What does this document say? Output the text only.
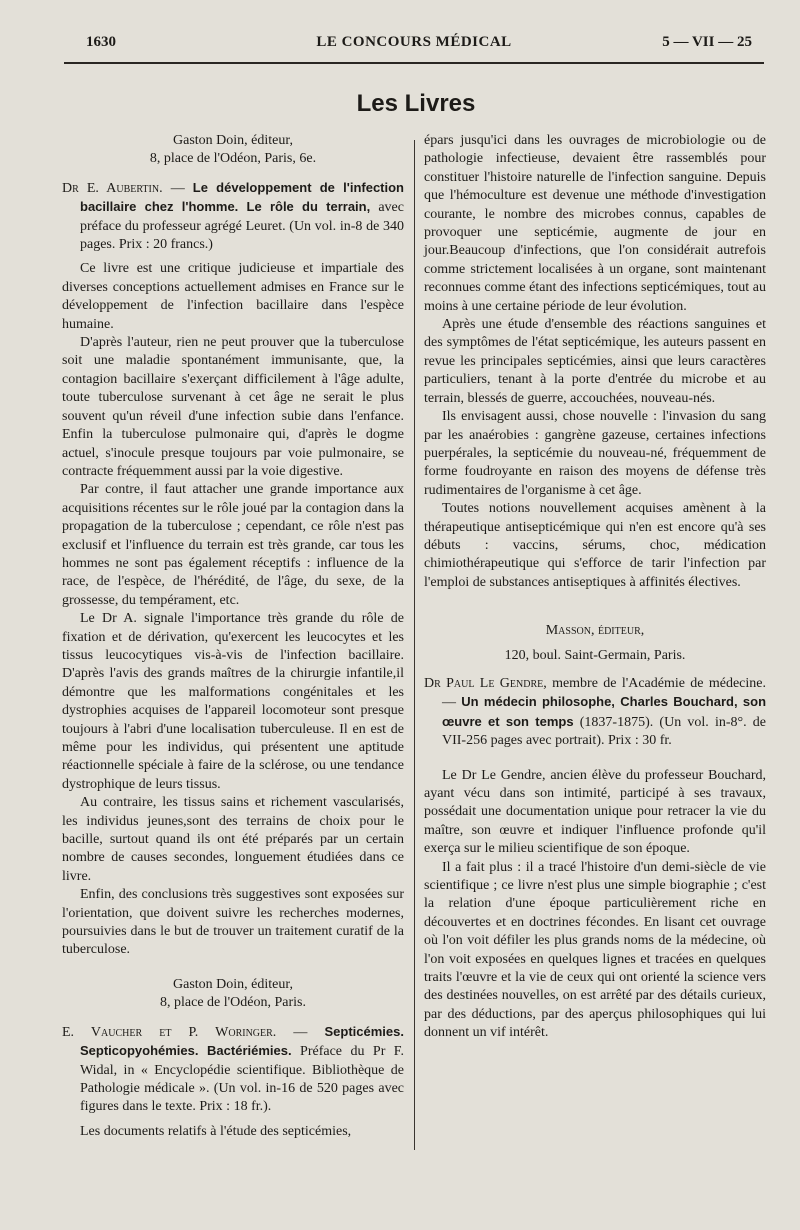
1630	LE CONCOURS MÉDICAL	5 — VII — 25
Les Livres

Gaston Doin, éditeur,

8, place de l'Odéon, Paris, 6e.

Dr E. Aubertin. — Le développement de l'infection bacillaire chez l'homme. Le rôle du terrain, avec préface du professeur agrégé Leuret. (Un vol. in-8 de 340 pages. Prix : 20 francs.)

Ce livre est une critique judicieuse et impartiale des diverses conceptions actuellement admises en France sur le développement de l'infection bacillaire dans l'espèce humaine.

D'après l'auteur, rien ne peut prouver que la tuberculose soit une maladie spontanément immunisante, que, la contagion bacillaire s'exerçant difficilement à l'âge adulte, toute tuberculose survenant à cet âge ne serait le plus souvent qu'un réveil d'une infection subie dans l'enfance. Enfin la tuberculose pulmonaire qui, d'après le dogme actuel, s'inocule presque toujours par voie pulmonaire, se contracte fréquemment aussi par la voie digestive.

Par contre, il faut attacher une grande importance aux acquisitions récentes sur le rôle joué par la contagion dans la propagation de la tuberculose ; cependant, ce rôle n'est pas exclusif et l'influence du terrain est très grande, car tous les hommes ne sont pas également réceptifs : influence de la race, de l'espèce, de l'hérédité, de l'âge, du sexe, de la grossesse, du tempérament, etc.

Le Dr A. signale l'importance très grande du rôle de fixation et de dérivation, qu'exercent les leucocytes et les tissus leucocytiques vis-à-vis de l'infection bacillaire. D'après l'avis des grands maîtres de la chirurgie infantile,il démontre que les malformations congénitales et les dystrophies acquises de l'appareil locomoteur sont presque toujours à l'abri d'une localisation tuberculeuse. Il en est de même pour les individus, qui présentent une aptitude réactionnelle spéciale à faire de la sclérose, ou une tendance dystrophique de leurs tissus.

Au contraire, les tissus sains et richement vascularisés, les individus jeunes,sont des terrains de choix pour le bacille, surtout quand ils ont été préparés par un certain nombre de causes secondes, longuement étudiées dans ce livre.

Enfin, des conclusions très suggestives sont exposées sur l'orientation, que doivent suivre les recherches modernes, poursuivies dans le but de trouver un traitement curatif de la tuberculose.

Gaston Doin, éditeur,

8, place de l'Odéon, Paris.

E. Vaucher et P. Woringer. — Septicémies. Septicopyohémies. Bactériémies. Préface du Pr F. Widal, in « Encyclopédie scientifique. Bibliothèque de Pathologie médicale ». (Un vol. in-16 de 520 pages avec figures dans le texte. Prix : 18 fr.).

Les documents relatifs à l'étude des septicémies,

épars jusqu'ici dans les ouvrages de microbiologie ou de pathologie infectieuse, devaient être rassemblés pour constituer l'histoire naturelle de l'infection sanguine. Depuis que l'hémoculture est devenue une méthode d'investigation courante, le nombre des microbes connus, capables de provoquer une septicémie, augmente de jour en jour.Beaucoup d'infections, que l'on considérait autrefois comme strictement localisées à un organe, sont maintenant reconnues comme étant des infections septicémiques, tout au moins à une certaine période de leur évolution.

Après une étude d'ensemble des réactions sanguines et des symptômes de l'état septicémique, les auteurs passent en revue les principales septicémies, ainsi que leurs caractères particuliers, tenant à la porte d'entrée du microbe et au terrain, blessés de guerre, accouchées, nouveau-nés.

Ils envisagent aussi, chose nouvelle : l'invasion du sang par les anaérobies : gangrène gazeuse, certaines infections puerpérales, la septicémie du nouveau-né, fréquemment de forme foudroyante en raison des moyens de défense très rudimentaires de l'organisme à cet âge.

Toutes notions nouvellement acquises amènent à la thérapeutique antisepticémique qui n'en est encore qu'à ses débuts : vaccins, sérums, choc, médication chimiothérapeutique qui s'efforce de tarir l'infection par l'emploi de substances antiseptiques à affinités électives.

Masson, éditeur,

120, boul. Saint-Germain, Paris.

Dr Paul Le Gendre, membre de l'Académie de médecine. — Un médecin philosophe, Charles Bouchard, son œuvre et son temps (1837-1875). (Un vol. in-8°. de VII-256 pages avec portrait). Prix : 30 fr.

Le Dr Le Gendre, ancien élève du professeur Bouchard, ayant vécu dans son intimité, participé à ses travaux, possédait une documentation unique pour retracer la vie du maître, son œuvre et indiquer l'influence profonde qu'il exerça sur le milieu scientifique de son époque.

Il a fait plus : il a tracé l'histoire d'un demi-siècle de vie scientifique ; ce livre n'est plus une simple biographie ; c'est la relation d'une époque particulièrement riche en découvertes et en doctrines fécondes. En lisant cet ouvrage où l'on voit défiler les plus grands noms de la médecine, où l'on voit exposées en quelques lignes et tracées en quelques traits l'œuvre et la vie de ceux qui ont orienté la science vers des destinées nouvelles, on est arrêté par des détails curieux, par des déductions, par des aperçus philosophiques qui lui donnent un vif intérêt.
